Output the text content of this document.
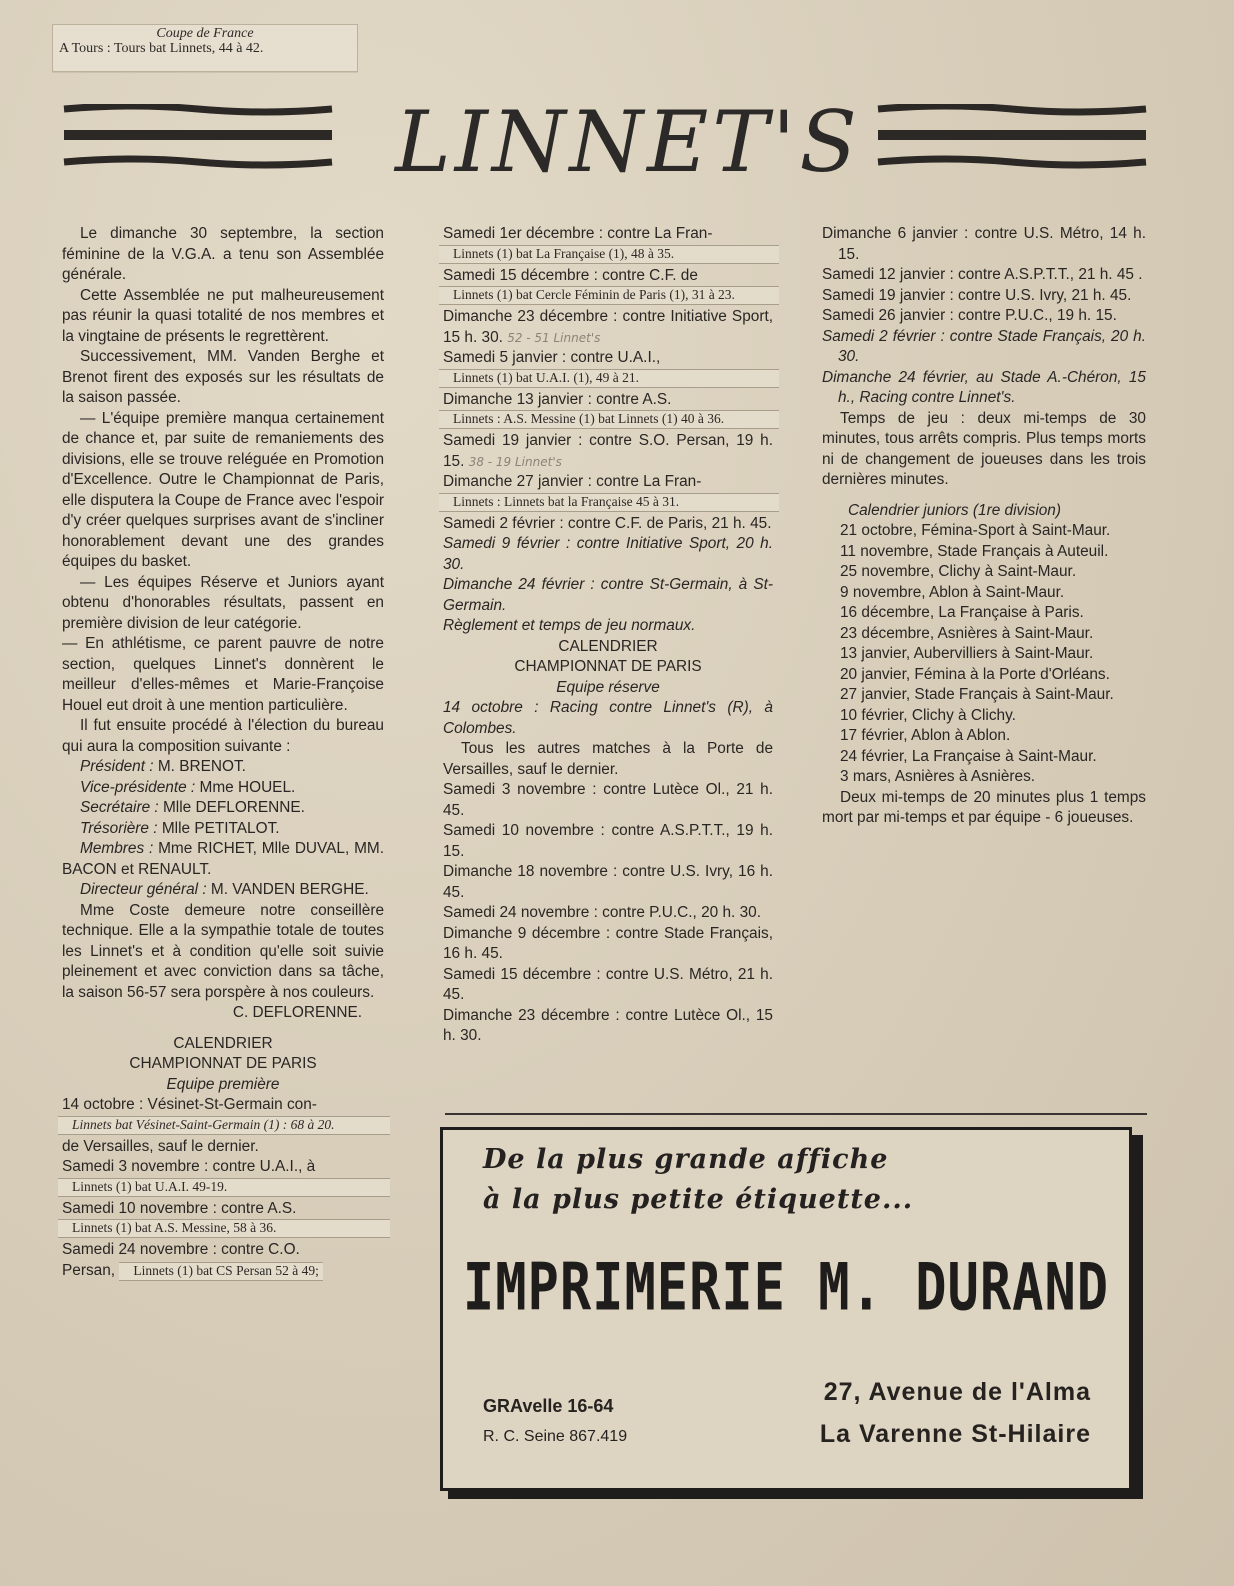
Coupe de France
A Tours : Tours bat Linnets, 44 à 42.
LINNET'S

Le dimanche 30 septembre, la section féminine de la V.G.A. a tenu son Assemblée générale.

Cette Assemblée ne put malheureusement pas réunir la quasi totalité de nos membres et la vingtaine de présents le regrettèrent.

Successivement, MM. Vanden Berghe et Brenot firent des exposés sur les résultats de la saison passée.

— L'équipe première manqua certainement de chance et, par suite de remaniements des divisions, elle se trouve reléguée en Promotion d'Excellence. Outre le Championnat de Paris, elle disputera la Coupe de France avec l'espoir d'y créer quelques surprises avant de s'incliner honorablement devant une des grandes équipes du basket.

— Les équipes Réserve et Juniors ayant obtenu d'honorables résultats, passent en première division de leur catégorie.

— En athlétisme, ce parent pauvre de notre section, quelques Linnet's donnèrent le meilleur d'elles-mêmes et Marie-Françoise Houel eut droit à une mention particulière.

Il fut ensuite procédé à l'élection du bureau qui aura la composition suivante :

Président : M. BRENOT.

Vice-présidente : Mme HOUEL.

Secrétaire : Mlle DEFLORENNE.

Trésorière : Mlle PETITALOT.

Membres : Mme RICHET, Mlle DUVAL, MM. BACON et RENAULT.

Directeur général : M. VANDEN BERGHE.

Mme Coste demeure notre conseillère technique. Elle a la sympathie totale de toutes les Linnet's et à condition qu'elle soit suivie pleinement et avec conviction dans sa tâche, la saison 56-57 sera porspère à nos couleurs.

C. DEFLORENNE.

CALENDRIER

CHAMPIONNAT DE PARIS

Equipe première

14 octobre : Vésinet-St-Germain con-

Linnets bat Vésinet-Saint-Germain (1) : 68 à 20.

de Versailles, sauf le dernier.

Samedi 3 novembre : contre U.A.I., à

Linnets (1) bat U.A.I. 49-19.

Samedi 10 novembre : contre A.S.

Linnets (1) bat A.S. Messine, 58 à 36.

Samedi 24 novembre : contre C.O.

Persan, Linnets (1) bat CS Persan 52 à 49;

Samedi 1er décembre : contre La Fran-

Linnets (1) bat La Française (1), 48 à 35.

Samedi 15 décembre : contre C.F. de

Linnets (1) bat Cercle Féminin de Paris (1), 31 à 23.

Dimanche 23 décembre : contre Initiative Sport, 15 h. 30. 52 - 51 Linnet's

Samedi 5 janvier : contre U.A.I.,

Linnets (1) bat U.A.I. (1), 49 à 21.

Dimanche 13 janvier : contre A.S.

Linnets : A.S. Messine (1) bat Linnets (1) 40 à 36.

Samedi 19 janvier : contre S.O. Persan, 19 h. 15. 38 - 19 Linnet's

Dimanche 27 janvier : contre La Fran-

Linnets : Linnets bat la Française 45 à 31.

Samedi 2 février : contre C.F. de Paris, 21 h. 45.

Samedi 9 février : contre Initiative Sport, 20 h. 30.

Dimanche 24 février : contre St-Germain, à St-Germain.

Règlement et temps de jeu normaux.

CALENDRIER

CHAMPIONNAT DE PARIS

Equipe réserve

14 octobre : Racing contre Linnet's (R), à Colombes.

Tous les autres matches à la Porte de Versailles, sauf le dernier.

Samedi 3 novembre : contre Lutèce Ol., 21 h. 45.

Samedi 10 novembre : contre A.S.P.T.T., 19 h. 15.

Dimanche 18 novembre : contre U.S. Ivry, 16 h. 45.

Samedi 24 novembre : contre P.U.C., 20 h. 30.

Dimanche 9 décembre : contre Stade Français, 16 h. 45.

Samedi 15 décembre : contre U.S. Métro, 21 h. 45.

Dimanche 23 décembre : contre Lutèce Ol., 15 h. 30.

Dimanche 6 janvier : contre U.S. Métro, 14 h. 15.

Samedi 12 janvier : contre A.S.P.T.T., 21 h. 45 .

Samedi 19 janvier : contre U.S. Ivry, 21 h. 45.

Samedi 26 janvier : contre P.U.C., 19 h. 15.

Samedi 2 février : contre Stade Français, 20 h. 30.

Dimanche 24 février, au Stade A.-Chéron, 15 h., Racing contre Linnet's.

Temps de jeu : deux mi-temps de 30 minutes, tous arrêts compris. Plus temps morts ni de changement de joueuses dans les trois dernières minutes.

Calendrier juniors (1re division)

21 octobre, Fémina-Sport à Saint-Maur.

11 novembre, Stade Français à Auteuil.

25 novembre, Clichy à Saint-Maur.

9 novembre, Ablon à Saint-Maur.

16 décembre, La Française à Paris.

23 décembre, Asnières à Saint-Maur.

13 janvier, Aubervilliers à Saint-Maur.

20 janvier, Fémina à la Porte d'Orléans.

27 janvier, Stade Français à Saint-Maur.

10 février, Clichy à Clichy.

17 février, Ablon à Ablon.

24 février, La Française à Saint-Maur.

3 mars, Asnières à Asnières.

Deux mi-temps de 20 minutes plus 1 temps mort par mi-temps et par équipe - 6 joueuses.

De la plus grande affiche
à la plus petite étiquette...
IMPRIMERIE M. DURAND
GRAvelle 16-64
R. C. Seine 867.419
27, Avenue de l'Alma
La Varenne St-Hilaire
